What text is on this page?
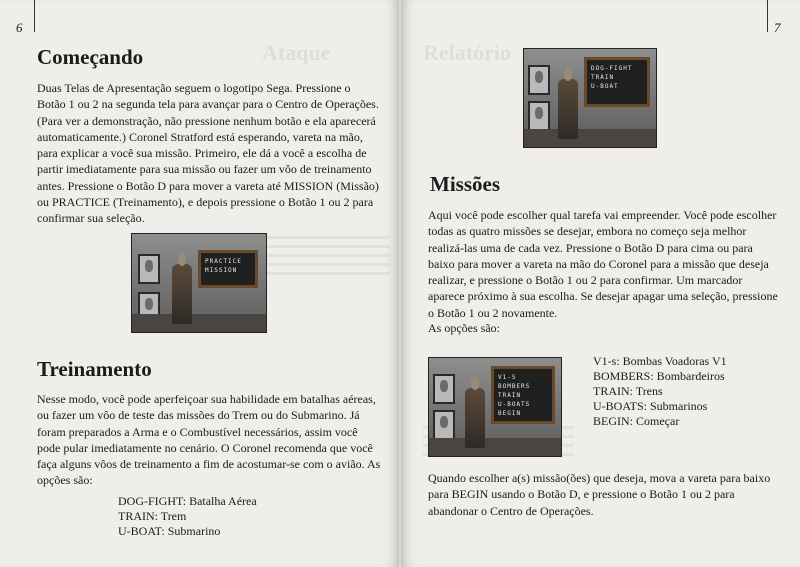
Ataque
6
Começando

Duas Telas de Apresentação seguem o logotipo Sega. Pressione o Botão 1 ou 2 na segunda tela para avançar para o Centro de Operações. (Para ver a demonstração, não pressione nenhum botão e ela aparecerá automaticamente.) Coronel Stratford está esperando, vareta na mão, para explicar a você sua missão. Primeiro, ele dá a você a escolha de partir imediatamente para sua missão ou fazer um vôo de treinamento antes. Pressione o Botão D para mover a vareta até MISSION (Missão) ou PRACTICE (Treinamento), e depois pressione o Botão 1 ou 2 para confirmar sua seleção.

PRACTICE
MISSION
Treinamento

Nesse modo, você pode aperfeiçoar sua habilidade em batalhas aéreas, ou fazer um vôo de teste das missões do Trem ou do Submarino. Já foram preparados a Arma e o Combustível necessários, assim você pode pular imediatamente no cenário. O Coronel recomenda que você faça alguns vôos de treinamento a fim de acostumar-se com o avião. As opções são:

DOG-FIGHT: Batalha Aérea
TRAIN: Trem
U-BOAT: Submarino
Relatório
7
DOG-FIGHT
TRAIN
U-BOAT
Missões

Aqui você pode escolher qual tarefa vai empreender. Você pode escolher todas as quatro missões se desejar, embora no começo seja melhor realizá-las uma de cada vez. Pressione o Botão D para cima ou para baixo para mover a vareta na mão do Coronel para a missão que deseja realizar, e pressione o Botão 1 ou 2 para confirmar. Um marcador aparece próximo à sua escolha. Se desejar apagar uma seleção, pressione o Botão 1 ou 2 novamente.

As opções são:

V1-S
BOMBERS
TRAIN
U-BOATS
BEGIN
V1-s: Bombas Voadoras V1
BOMBERS: Bombardeiros
TRAIN: Trens
U-BOATS: Submarinos
BEGIN: Começar

Quando escolher a(s) missão(ões) que deseja, mova a vareta para baixo para BEGIN usando o Botão D, e pressione o Botão 1 ou 2 para abandonar o Centro de Operações.
